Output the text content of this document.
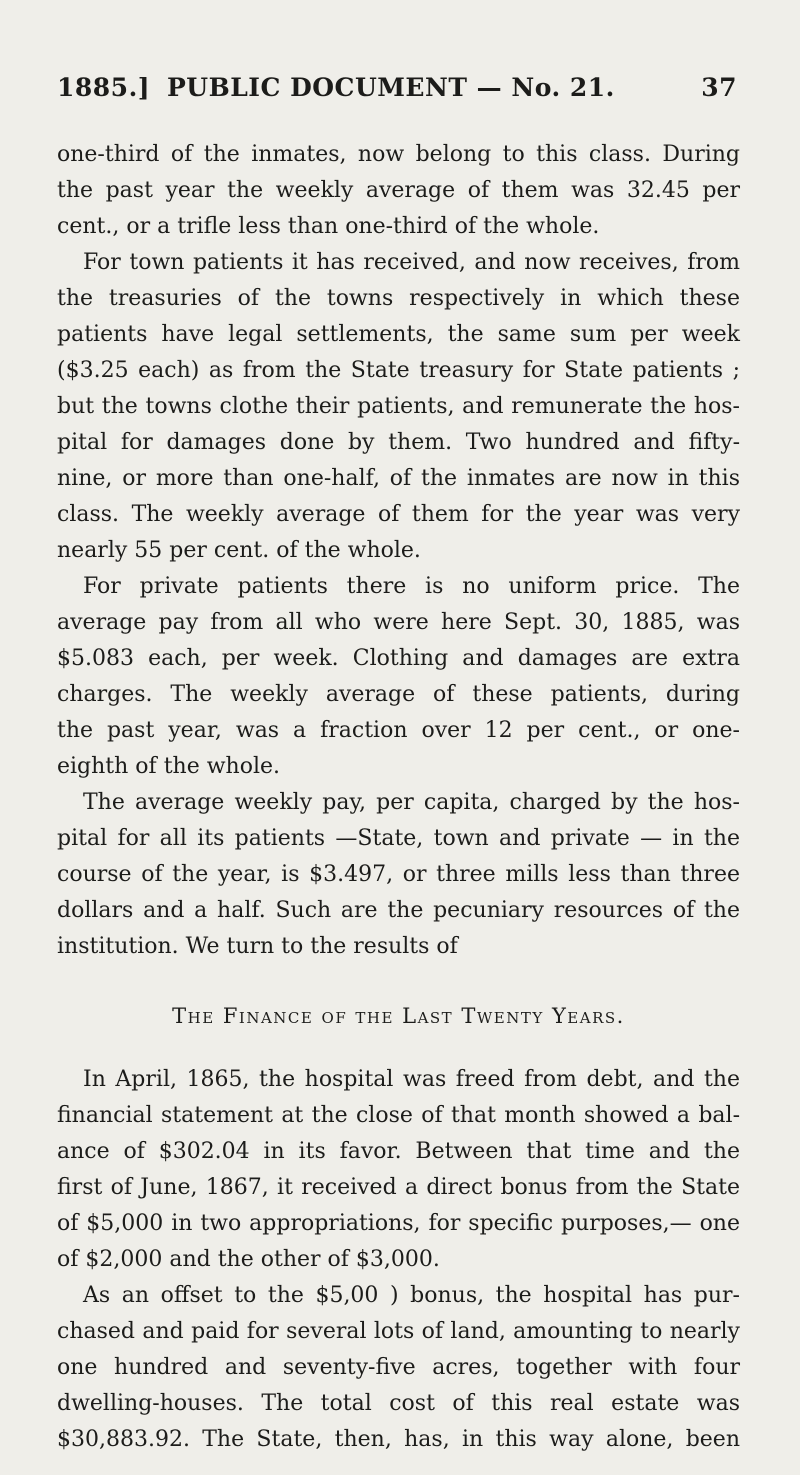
1885.] PUBLIC DOCUMENT — No. 21.	37
one-third of the inmates, now belong to this class. During
the past year the weekly average of them was 32.45 per
cent., or a trifle less than one-third of the whole.
For town patients it has received, and now receives, from
the treasuries of the towns respectively in which these
patients have legal settlements, the same sum per week
($3.25 each) as from the State treasury for State patients ;
but the towns clothe their patients, and remunerate the hos-
pital for damages done by them. Two hundred and fifty-
nine, or more than one-half, of the inmates are now in this
class. The weekly average of them for the year was very
nearly 55 per cent. of the whole.
For private patients there is no uniform price. The
average pay from all who were here Sept. 30, 1885, was
$5.083 each, per week. Clothing and damages are extra
charges. The weekly average of these patients, during
the past year, was a fraction over 12 per cent., or one-
eighth of the whole.
The average weekly pay, per capita, charged by the hos-
pital for all its patients —State, town and private — in the
course of the year, is $3.497, or three mills less than three
dollars and a half. Such are the pecuniary resources of the
institution. We turn to the results of
The Finance of the Last Twenty Years.
In April, 1865, the hospital was freed from debt, and the
financial statement at the close of that month showed a bal-
ance of $302.04 in its favor. Between that time and the
first of June, 1867, it received a direct bonus from the State
of $5,000 in two appropriations, for specific purposes,— one
of $2,000 and the other of $3,000.
As an offset to the $5,00 ) bonus, the hospital has pur-
chased and paid for several lots of land, amounting to nearly
one hundred and seventy-five acres, together with four
dwelling-houses. The total cost of this real estate was
$30,883.92. The State, then, has, in this way alone, been
